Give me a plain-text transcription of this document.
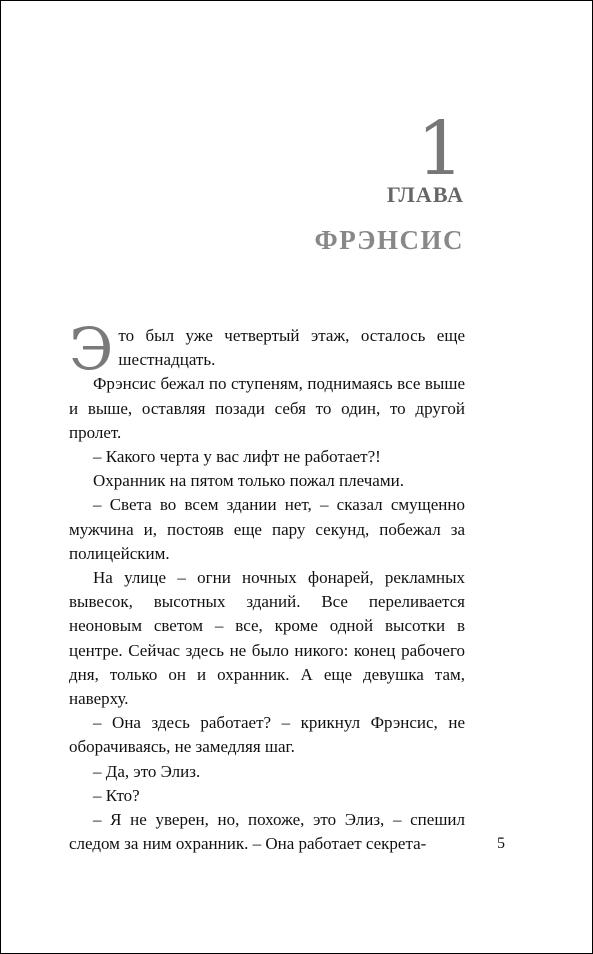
1
ГЛАВА
ФРЭНСИС

Это был уже четвертый этаж, осталось еще шестнадцать.

Фрэнсис бежал по ступеням, поднимаясь все выше и выше, оставляя позади себя то один, то другой пролет.

– Какого черта у вас лифт не работает?!

Охранник на пятом только пожал плечами.

– Света во всем здании нет, – сказал смущенно мужчина и, постояв еще пару секунд, побежал за полицейским.

На улице – огни ночных фонарей, рекламных вывесок, высотных зданий. Все переливается неоновым светом – все, кроме одной высотки в центре. Сейчас здесь не было никого: конец рабочего дня, только он и охранник. А еще девушка там, наверху.

– Она здесь работает? – крикнул Фрэнсис, не оборачиваясь, не замедляя шаг.

– Да, это Элиз.

– Кто?

– Я не уверен, но, похоже, это Элиз, – спешил следом за ним охранник. – Она работает секрета-	5
